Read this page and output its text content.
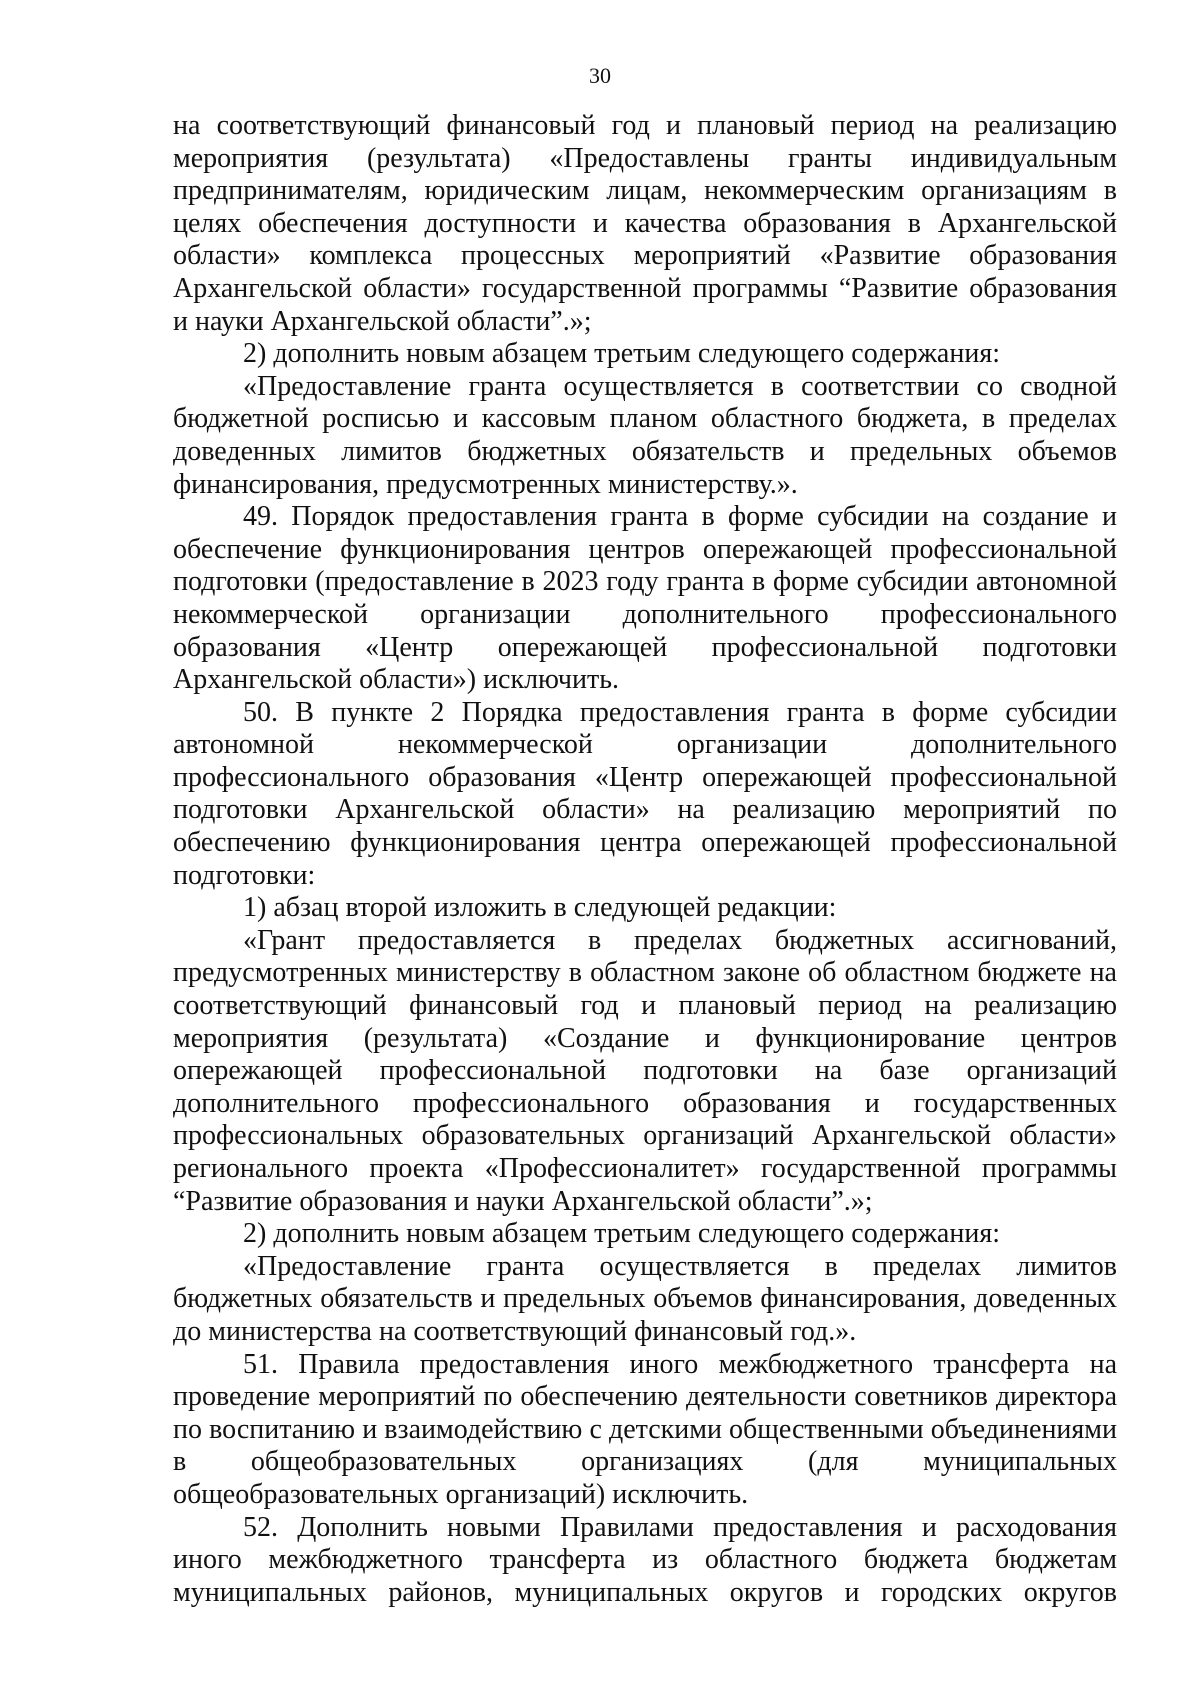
30

на соответствующий финансовый год и плановый период на реализацию мероприятия (результата) «Предоставлены гранты индивидуальным предпринимателям, юридическим лицам, некоммерческим организациям в целях обеспечения доступности и качества образования в Архангельской области» комплекса процессных мероприятий «Развитие образования Архангельской области» государственной программы “Развитие образования и науки Архангельской области”.»;

2) дополнить новым абзацем третьим следующего содержания:

«Предоставление гранта осуществляется в соответствии со сводной бюджетной росписью и кассовым планом областного бюджета, в пределах доведенных лимитов бюджетных обязательств и предельных объемов финансирования, предусмотренных министерству.».

49. Порядок предоставления гранта в форме субсидии на создание и обеспечение функционирования центров опережающей профессиональной подготовки (предоставление в 2023 году гранта в форме субсидии автономной некоммерческой организации дополнительного профессионального образования «Центр опережающей профессиональной подготовки Архангельской области») исключить.

50. В пункте 2 Порядка предоставления гранта в форме субсидии автономной некоммерческой организации дополнительного профессионального образования «Центр опережающей профессиональной подготовки Архангельской области» на реализацию мероприятий по обеспечению функционирования центра опережающей профессиональной подготовки:

1) абзац второй изложить в следующей редакции:

«Грант предоставляется в пределах бюджетных ассигнований, предусмотренных министерству в областном законе об областном бюджете на соответствующий финансовый год и плановый период на реализацию мероприятия (результата) «Создание и функционирование центров опережающей профессиональной подготовки на базе организаций дополнительного профессионального образования и государственных профессиональных образовательных организаций Архангельской области» регионального проекта «Профессионалитет» государственной программы “Развитие образования и науки Архангельской области”.»;

2) дополнить новым абзацем третьим следующего содержания:

«Предоставление гранта осуществляется в пределах лимитов бюджетных обязательств и предельных объемов финансирования, доведенных до министерства на соответствующий финансовый год.».

51. Правила предоставления иного межбюджетного трансферта на проведение мероприятий по обеспечению деятельности советников директора по воспитанию и взаимодействию с детскими общественными объединениями в общеобразовательных организациях (для муниципальных общеобразовательных организаций) исключить.

52. Дополнить новыми Правилами предоставления и расходования иного межбюджетного трансферта из областного бюджета бюджетам муниципальных районов, муниципальных округов и городских округов
